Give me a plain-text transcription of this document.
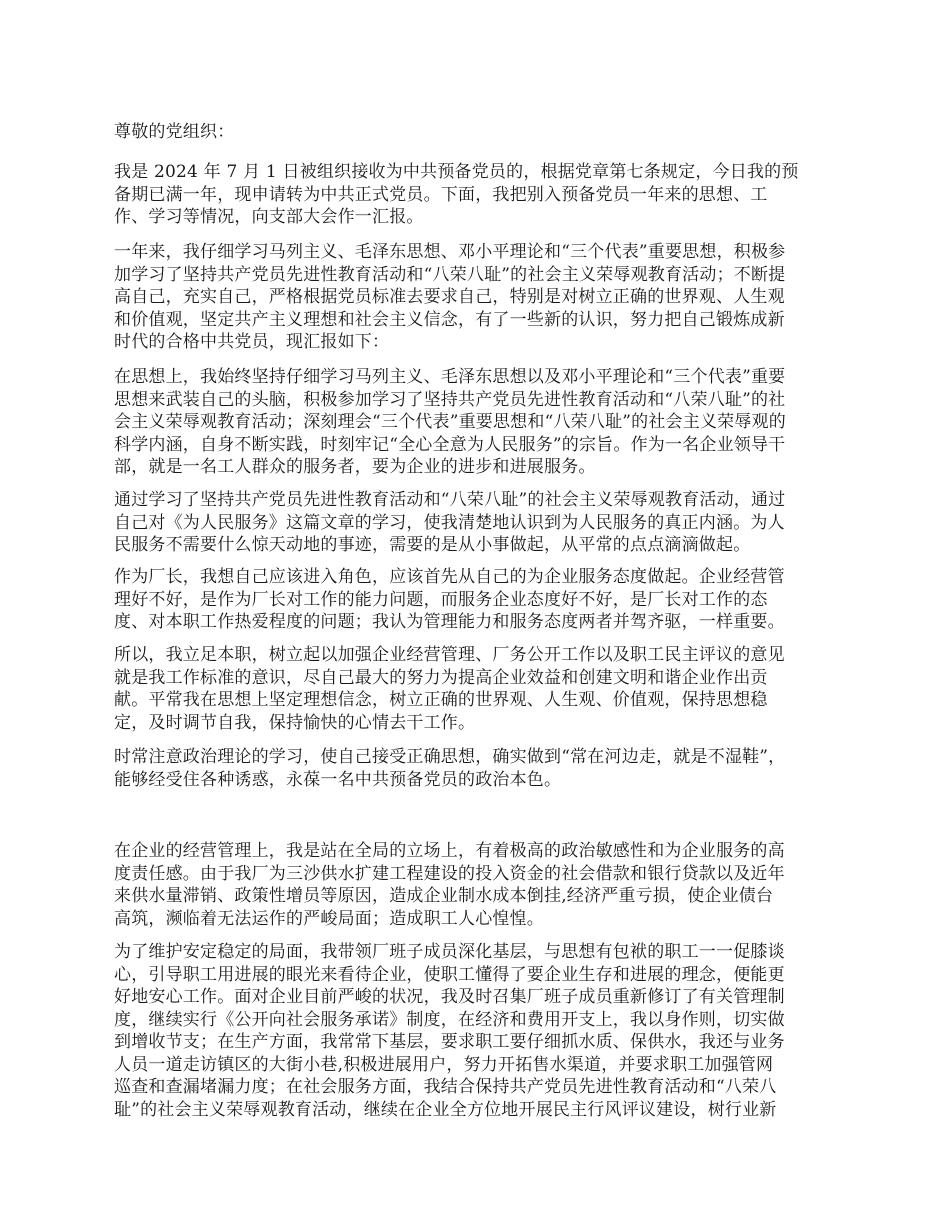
尊敬的党组织：

我是 2024 年 7 月 1 日被组织接收为中共预备党员的，根据党章第七条规定，今日我的预
备期已满一年，现申请转为中共正式党员。下面，我把别入预备党员一年来的思想、工
作、学习等情况，向支部大会作一汇报。
一年来，我仔细学习马列主义、毛泽东思想、邓小平理论和“三个代表”重要思想，积极参
加学习了坚持共产党员先进性教育活动和“八荣八耻”的社会主义荣辱观教育活动；不断提
高自己，充实自己，严格根据党员标准去要求自己，特别是对树立正确的世界观、人生观
和价值观，坚定共产主义理想和社会主义信念，有了一些新的认识，努力把自己锻炼成新
时代的合格中共党员，现汇报如下：
在思想上，我始终坚持仔细学习马列主义、毛泽东思想以及邓小平理论和“三个代表”重要
思想来武装自己的头脑，积极参加学习了坚持共产党员先进性教育活动和“八荣八耻”的社
会主义荣辱观教育活动；深刻理会“三个代表”重要思想和“八荣八耻”的社会主义荣辱观的
科学内涵，自身不断实践，时刻牢记“全心全意为人民服务”的宗旨。作为一名企业领导干
部，就是一名工人群众的服务者，要为企业的进步和进展服务。
通过学习了坚持共产党员先进性教育活动和“八荣八耻”的社会主义荣辱观教育活动，通过
自己对《为人民服务》这篇文章的学习，使我清楚地认识到为人民服务的真正内涵。为人
民服务不需要什么惊天动地的事迹，需要的是从小事做起，从平常的点点滴滴做起。
作为厂长，我想自己应该进入角色，应该首先从自己的为企业服务态度做起。企业经营管
理好不好，是作为厂长对工作的能力问题，而服务企业态度好不好，是厂长对工作的态
度、对本职工作热爱程度的问题；我认为管理能力和服务态度两者并驾齐驱，一样重要。
所以，我立足本职，树立起以加强企业经营管理、厂务公开工作以及职工民主评议的意见
就是我工作标准的意识，尽自己最大的努力为提高企业效益和创建文明和谐企业作出贡
献。平常我在思想上坚定理想信念，树立正确的世界观、人生观、价值观，保持思想稳
定，及时调节自我，保持愉快的心情去干工作。
时常注意政治理论的学习，使自己接受正确思想，确实做到“常在河边走，就是不湿鞋”，
能够经受住各种诱惑，永葆一名中共预备党员的政治本色。
在企业的经营管理上，我是站在全局的立场上，有着极高的政治敏感性和为企业服务的高
度责任感。由于我厂为三沙供水扩建工程建设的投入资金的社会借款和银行贷款以及近年
来供水量滞销、政策性增员等原因，造成企业制水成本倒挂,经济严重亏损，使企业债台
高筑，濒临着无法运作的严峻局面；造成职工人心惶惶。
为了维护安定稳定的局面，我带领厂班子成员深化基层，与思想有包袱的职工一一促膝谈
心，引导职工用进展的眼光来看待企业，使职工懂得了要企业生存和进展的理念，便能更
好地安心工作。面对企业目前严峻的状况，我及时召集厂班子成员重新修订了有关管理制
度，继续实行《公开向社会服务承诺》制度，在经济和费用开支上，我以身作则，切实做
到增收节支；在生产方面，我常常下基层，要求职工要仔细抓水质、保供水，我还与业务
人员一道走访镇区的大街小巷,积极进展用户，努力开拓售水渠道，并要求职工加强管网
巡查和查漏堵漏力度；在社会服务方面，我结合保持共产党员先进性教育活动和“八荣八
耻”的社会主义荣辱观教育活动，继续在企业全方位地开展民主行风评议建设，树行业新
